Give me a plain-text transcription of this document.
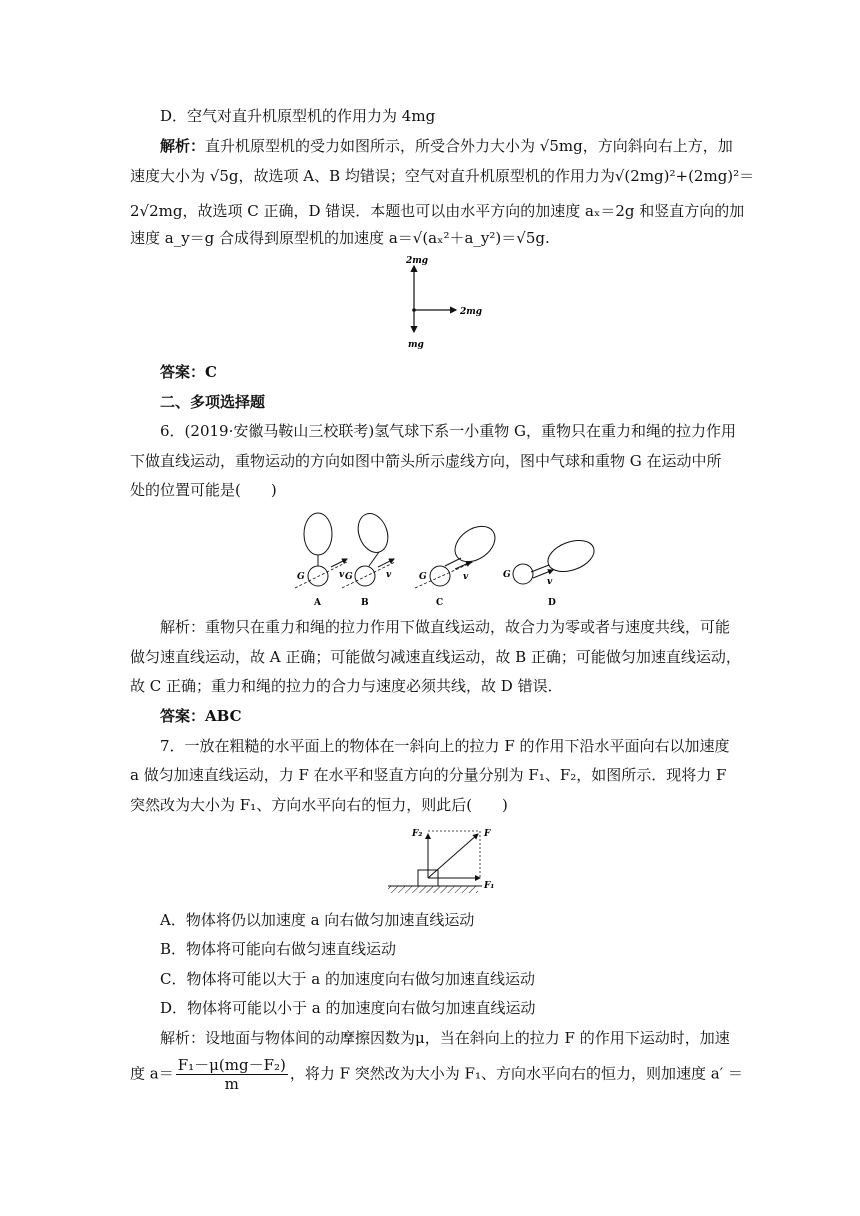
D．空气对直升机原型机的作用力为 4mg
解析：直升机原型机的受力如图所示，所受合外力大小为 √5mg，方向斜向右上方，加
速度大小为 √5g，故选项 A、B 均错误；空气对直升机原型机的作用力为√(2mg)²+(2mg)²＝
2√2mg，故选项 C 正确，D 错误．本题也可以由水平方向的加速度 aₓ＝2g 和竖直方向的加
速度 a_y＝g 合成得到原型机的加速度 a＝√(aₓ²＋a_y²)＝√5g.
2mg
2mg
mg
答案：C
二、多项选择题
6．(2019·安徽马鞍山三校联考)氢气球下系一小重物 G，重物只在重力和绳的拉力作用
下做直线运动，重物运动的方向如图中箭头所示虚线方向，图中气球和重物 G 在运动中所
处的位置可能是(　　)
G	v
A
G	v
B
G	v
C
G
v
D
解析：重物只在重力和绳的拉力作用下做直线运动，故合力为零或者与速度共线，可能
做匀速直线运动，故 A 正确；可能做匀减速直线运动，故 B 正确；可能做匀加速直线运动，
故 C 正确；重力和绳的拉力的合力与速度必须共线，故 D 错误．
答案：ABC
7．一放在粗糙的水平面上的物体在一斜向上的拉力 F 的作用下沿水平面向右以加速度
a 做匀加速直线运动，力 F 在水平和竖直方向的分量分别为 F₁、F₂，如图所示．现将力 F
突然改为大小为 F₁、方向水平向右的恒力，则此后(　　)
F₂	F
F₁
A．物体将仍以加速度 a 向右做匀加速直线运动
B．物体将可能向右做匀速直线运动
C．物体将可能以大于 a 的加速度向右做匀加速直线运动
D．物体将可能以小于 a 的加速度向右做匀加速直线运动
解析：设地面与物体间的动摩擦因数为μ，当在斜向上的拉力 F 的作用下运动时，加速
度 $a= \frac{\text{F₁－μ(mg－F₂)}}{m}$ ，将力 F 突然改为大小为 F₁、方向水平向右的恒力，则加速度 a′ ＝
